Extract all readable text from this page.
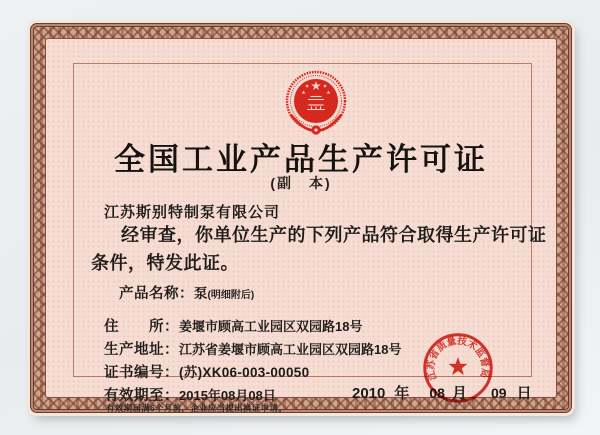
全国工业产品生产许可证
(副　本)
江苏斯别特制泵有限公司
经审查，你单位生产的下列产品符合取得生产许可证
条件，特发此证。
产品名称：泵(明细附后)
住　　所：姜堰市顾高工业园区双园路18号
生产地址：江苏省姜堰市顾高工业园区双园路18号
证书编号：(苏)XK06-003-00050
有效期至：2015年08月08日
有效期届满6个月前，企业应当提出换证申请。
2010 年 08 月 09 日
江苏省质量技术监督局
